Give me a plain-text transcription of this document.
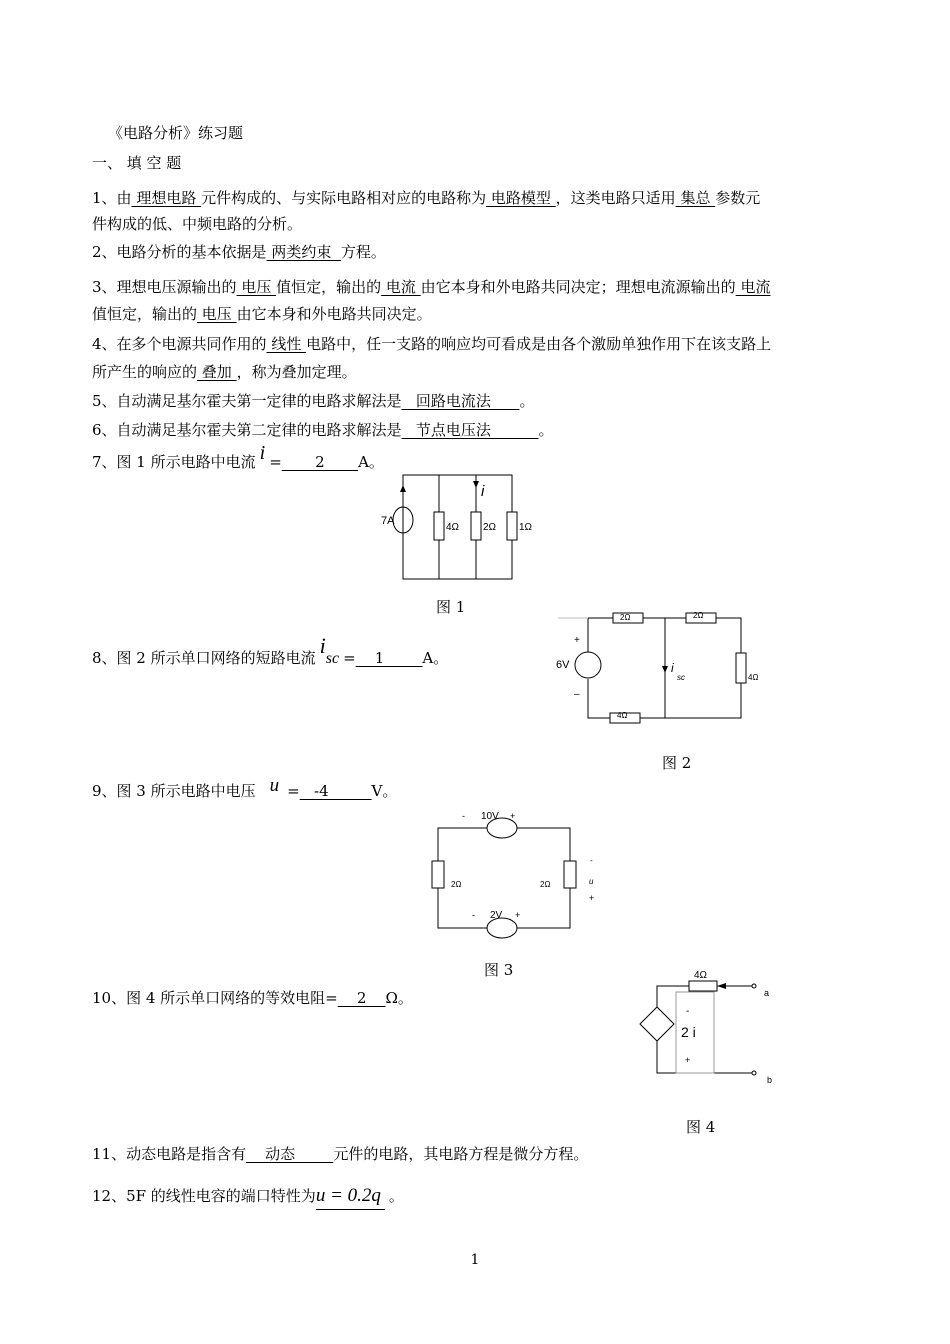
《电路分析》练习题
一、 填 空 题
1、由 理想电路 元件构成的、与实际电路相对应的电路称为 电路模型 ，这类电路只适用 集总 参数元
件构成的低、中频电路的分析。
2、电路分析的基本依据是 两类约束  方程。
3、理想电压源输出的 电压 值恒定，输出的 电流 由它本身和外电路共同决定；理想电流源输出的 电流
值恒定，输出的 电压 由它本身和外电路共同决定。
4、在多个电源共同作用的 线性 电路中，任一支路的响应均可看成是由各个激励单独作用下在该支路上
所产生的响应的 叠加 ，称为叠加定理。
5、自动满足基尔霍夫第一定律的电路求解法是   回路电流法      。
6、自动满足基尔霍夫第二定律的电路求解法是   节点电压法          。
7、图 1 所示电路中电流 i =       2       A。
8、图 2 所示单口网络的短路电流 isc =    1        A。
9、图 3 所示电路中电压 u =   -4         V。
10、图 4 所示单口网络的等效电阻=    2    Ω。
11、动态电路是指含有    动态        元件的电路，其电路方程是微分方程。
12、5F 的线性电容的端口特性为u = 0.2q 。
7A
4Ω 2Ω 1Ω
i
图 1
+
–
6V
2Ω	2Ω
4Ω
4Ω
i
sc
图 2
- 10V +
- 2V +
2Ω	2Ω
-
u
+
图 3	4Ω
-
2 i
+
a
b
图 4
1
